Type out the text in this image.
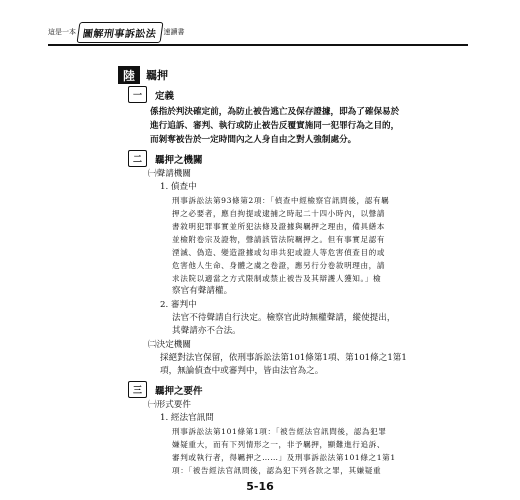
這是一本 圖解刑事訴訟法 速讀書
陸	羈押
一	定義
係指於判決確定前，為防止被告逃亡及保存證據，即為了確保易於
進行追訴、審判、執行或防止被告反覆實施同一犯罪行為之目的，
而剝奪被告於一定時間內之人身自由之對人強制處分。
二	羈押之機關
㈠聲請機關
1. 偵查中
刑事訴訟法第93條第2項：「偵查中經檢察官訊問後，認有羈
押之必要者，應自拘提或逮捕之時起二十四小時內，以聲請
書敘明犯罪事實並所犯法條及證據與羈押之理由，備具繕本
並檢附卷宗及證物，聲請該管法院羈押之。但有事實足認有
湮滅、偽造、變造證據或勾串共犯或證人等危害偵查目的或
危害他人生命、身體之虞之卷證，應另行分卷敘明理由，請
求法院以適當之方式限制或禁止被告及其辯護人獲知。」檢
察官有聲請權。
2. 審判中
法官不待聲請自行決定。檢察官此時無權聲請，縱使提出，
其聲請亦不合法。
㈡決定機關
採絕對法官保留，依刑事訴訟法第101條第1項、第101條之1第1
項，無論偵查中或審判中，皆由法官為之。
三	羈押之要件
㈠形式要件
1. 經法官訊問
刑事訴訟法第101條第1項：「被告經法官訊問後，認為犯罪
嫌疑重大，而有下列情形之一，非予羈押，顯難進行追訴、
審判或執行者，得羈押之……」及刑事訴訟法第101條之1第1
項：「被告經法官訊問後，認為犯下列各款之罪，其嫌疑重
5-16
